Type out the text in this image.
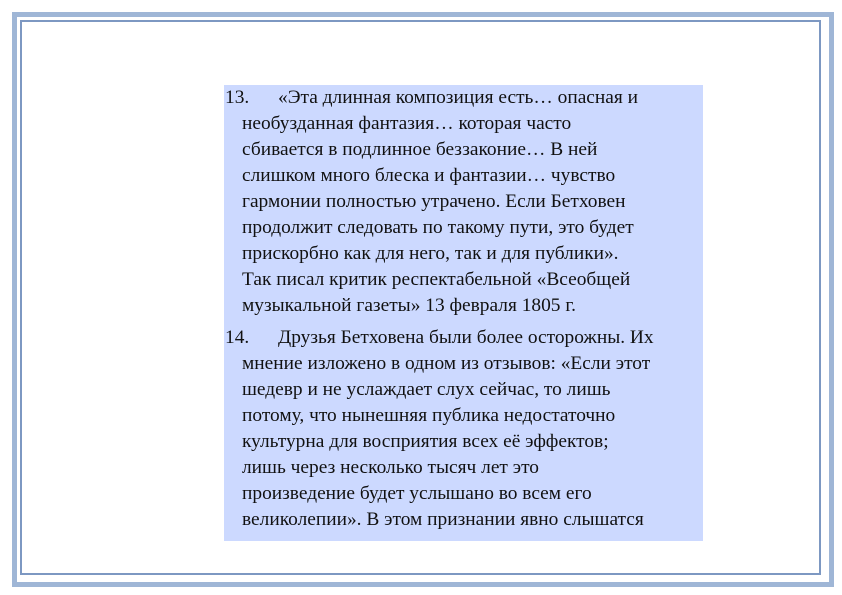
13.	«Эта длинная композиция есть… опасная и
необузданная фантазия… которая часто
сбивается в подлинное беззаконие… В ней
слишком много блеска и фантазии… чувство
гармонии полностью утрачено. Если Бетховен
продолжит следовать по такому пути, это будет
прискорбно как для него, так и для публики».
Так писал критик респектабельной «Всеобщей
музыкальной газеты» 13 февраля 1805 г.
14.	Друзья Бетховена были более осторожны. Их
мнение изложено в одном из отзывов: «Если этот
шедевр и не услаждает слух сейчас, то лишь
потому, что нынешняя публика недостаточно
культурна для восприятия всех её эффектов;
лишь через несколько тысяч лет это
произведение будет услышано во всем его
великолепии». В этом признании явно слышатся
